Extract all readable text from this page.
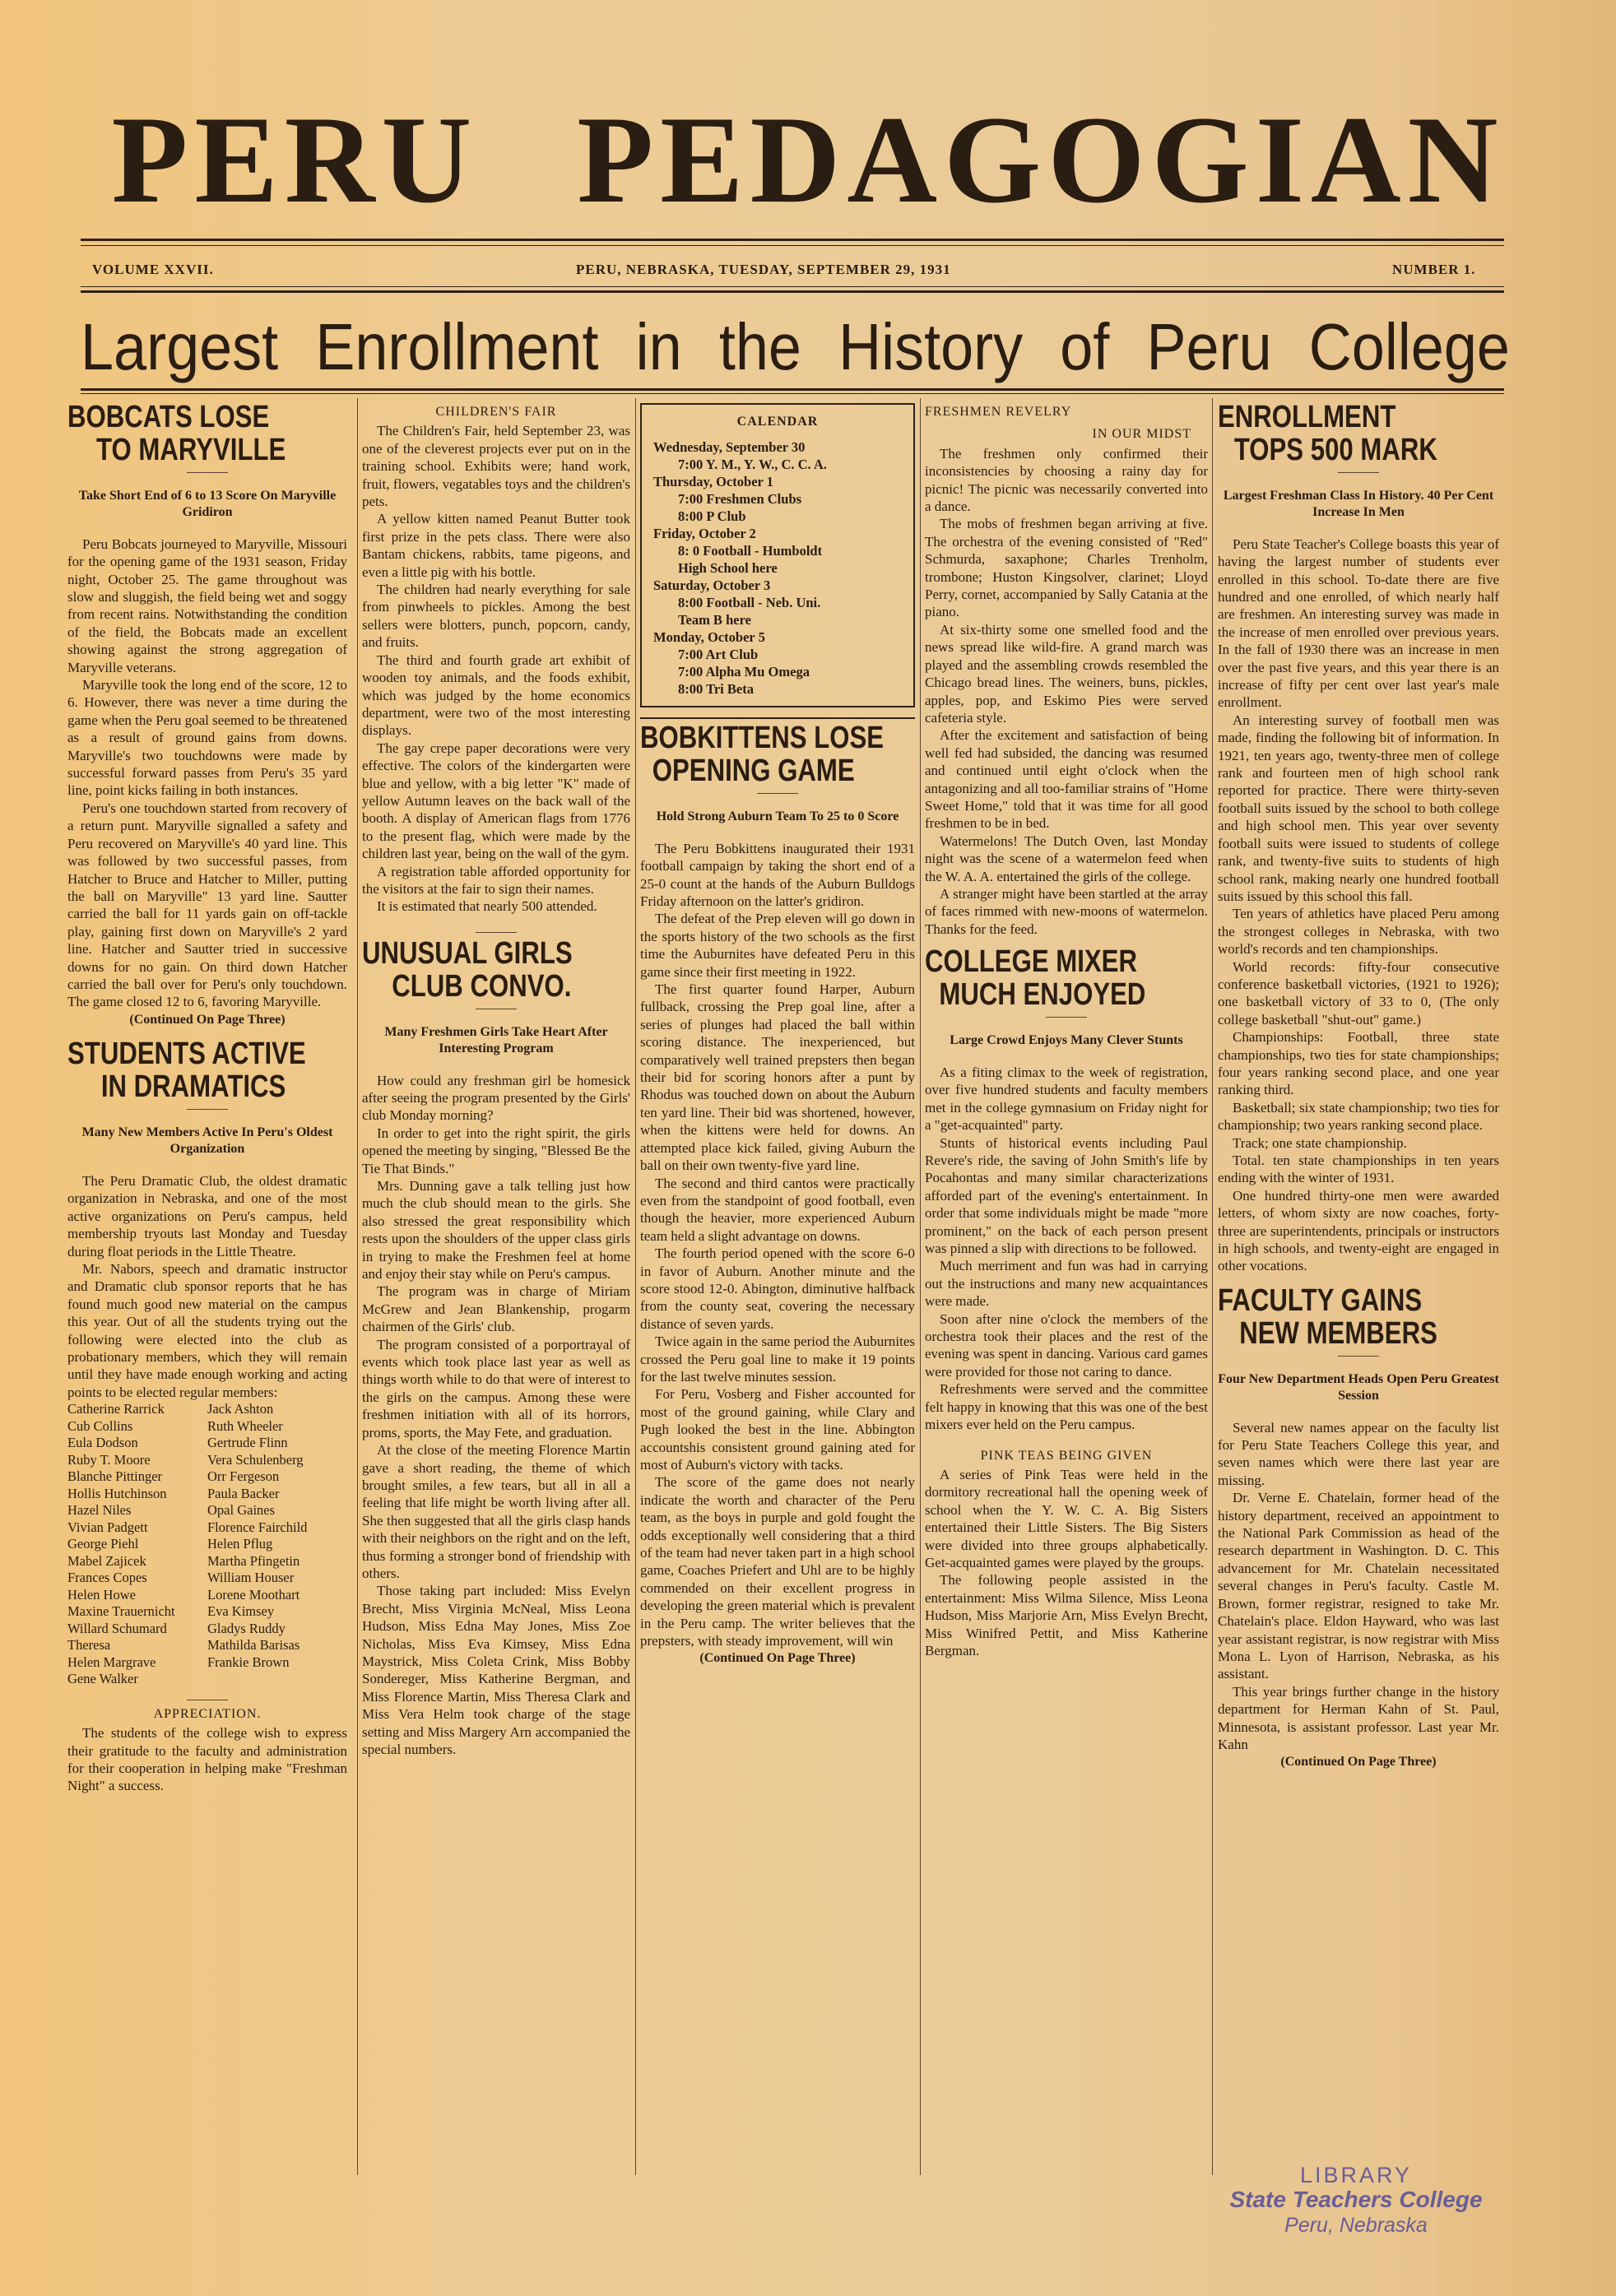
PERU PEDAGOGIAN
VOLUME XXVII.	PERU, NEBRASKA, TUESDAY, SEPTEMBER 29, 1931	NUMBER 1.
Largest Enrollment in the History of Peru College
BOBCATS LOSE
TO MARYVILLE
Take Short End of 6 to 13 Score On Maryville Gridiron

Peru Bobcats journeyed to Maryville, Missouri for the opening game of the 1931 season, Friday night, October 25. The game throughout was slow and sluggish, the field being wet and soggy from recent rains. Notwithstanding the condition of the field, the Bobcats made an excellent showing against the strong aggregation of Maryville veterans.

Maryville took the long end of the score, 12 to 6. However, there was never a time during the game when the Peru goal seemed to be threatened as a result of ground gains from downs. Maryville's two touchdowns were made by successful forward passes from Peru's 35 yard line, point kicks failing in both instances.

Peru's one touchdown started from recovery of a return punt. Maryville signalled a safety and Peru recovered on Maryville's 40 yard line. This was followed by two successful passes, from Hatcher to Bruce and Hatcher to Miller, putting the ball on Maryville" 13 yard line. Sautter carried the ball for 11 yards gain on off-tackle play, gaining first down on Maryville's 2 yard line. Hatcher and Sautter tried in successive downs for no gain. On third down Hatcher carried the ball over for Peru's only touchdown. The game closed 12 to 6, favoring Maryville.

(Continued On Page Three)
STUDENTS ACTIVE
IN DRAMATICS
Many New Members Active In Peru's Oldest Organization

The Peru Dramatic Club, the oldest dramatic organization in Nebraska, and one of the most active organizations on Peru's campus, held membership tryouts last Monday and Tuesday during float periods in the Little Theatre.

Mr. Nabors, speech and dramatic instructor and Dramatic club sponsor reports that he has found much good new material on the campus this year. Out of all the students trying out the following were elected into the club as probationary members, which they will remain until they have made enough working and acting points to be elected regular members:

Catherine Rarrick	Jack Ashton
Cub Collins	Ruth Wheeler
Eula Dodson	Gertrude Flinn
Ruby T. Moore	Vera Schulenberg
Blanche Pittinger	Orr Fergeson
Hollis Hutchinson	Paula Backer
Hazel Niles	Opal Gaines
Vivian Padgett	Florence Fairchild
George Piehl	Helen Pflug
Mabel Zajicek	Martha Pfingetin
Frances Copes	William Houser
Helen Howe	Lorene Moothart
Maxine Trauernicht	Eva Kimsey
Willard Schumard	Gladys Ruddy
Theresa	Mathilda Barisas
Helen Margrave	Frankie Brown
Gene Walker
APPRECIATION.

The students of the college wish to express their gratitude to the faculty and administration for their cooperation in helping make "Freshman Night" a success.

CHILDREN'S FAIR

The Children's Fair, held September 23, was one of the cleverest projects ever put on in the training school. Exhibits were; hand work, fruit, flowers, vegatables toys and the children's pets.

A yellow kitten named Peanut Butter took first prize in the pets class. There were also Bantam chickens, rabbits, tame pigeons, and even a little pig with his bottle.

The children had nearly everything for sale from pinwheels to pickles. Among the best sellers were blotters, punch, popcorn, candy, and fruits.

The third and fourth grade art exhibit of wooden toy animals, and the foods exhibit, which was judged by the home economics department, were two of the most interesting displays.

The gay crepe paper decorations were very effective. The colors of the kindergarten were blue and yellow, with a big letter "K" made of yellow Autumn leaves on the back wall of the booth. A display of American flags from 1776 to the present flag, which were made by the children last year, being on the wall of the gym.

A registration table afforded opportunity for the visitors at the fair to sign their names.

It is estimated that nearly 500 attended.

UNUSUAL GIRLS
CLUB CONVO.
Many Freshmen Girls Take Heart After Interesting Program

How could any freshman girl be homesick after seeing the program presented by the Girls' club Monday morning?

In order to get into the right spirit, the girls opened the meeting by singing, "Blessed Be the Tie That Binds."

Mrs. Dunning gave a talk telling just how much the club should mean to the girls. She also stressed the great responsibility which rests upon the shoulders of the upper class girls in trying to make the Freshmen feel at home and enjoy their stay while on Peru's campus.

The program was in charge of Miriam McGrew and Jean Blankenship, progarm chairmen of the Girls' club.

The program consisted of a porportrayal of events which took place last year as well as things worth while to do that were of interest to the girls on the campus. Among these were freshmen initiation with all of its horrors, proms, sports, the May Fete, and graduation.

At the close of the meeting Florence Martin gave a short reading, the theme of which brought smiles, a few tears, but all in all a feeling that life might be worth living after all. She then suggested that all the girls clasp hands with their neighbors on the right and on the left, thus forming a stronger bond of friendship with others.

Those taking part included: Miss Evelyn Brecht, Miss Virginia McNeal, Miss Leona Hudson, Miss Edna May Jones, Miss Zoe Nicholas, Miss Eva Kimsey, Miss Edna Maystrick, Miss Coleta Crink, Miss Bobby Sondereger, Miss Katherine Bergman, and Miss Florence Martin, Miss Theresa Clark and Miss Vera Helm took charge of the stage setting and Miss Margery Arn accompanied the special numbers.

CALENDAR
Wednesday, September 30
7:00 Y. M., Y. W., C. C. A.
Thursday, October 1
7:00 Freshmen Clubs
8:00 P Club
Friday, October 2
8: 0 Football - Humboldt
High School here
Saturday, October 3
8:00 Football - Neb. Uni.
Team B here
Monday, October 5
7:00 Art Club
7:00 Alpha Mu Omega
8:00 Tri Beta
BOBKITTENS LOSE
OPENING GAME
Hold Strong Auburn Team To 25 to 0 Score

The Peru Bobkittens inaugurated their 1931 football campaign by taking the short end of a 25-0 count at the hands of the Auburn Bulldogs Friday afternoon on the latter's gridiron.

The defeat of the Prep eleven will go down in the sports history of the two schools as the first time the Auburnites have defeated Peru in this game since their first meeting in 1922.

The first quarter found Harper, Auburn fullback, crossing the Prep goal line, after a series of plunges had placed the ball within scoring distance. The inexperienced, but comparatively well trained prepsters then began their bid for scoring honors after a punt by Rhodus was touched down on about the Auburn ten yard line. Their bid was shortened, however, when the kittens were held for downs. An attempted place kick failed, giving Auburn the ball on their own twenty-five yard line.

The second and third cantos were practically even from the standpoint of good football, even though the heavier, more experienced Auburn team held a slight advantage on downs.

The fourth period opened with the score 6-0 in favor of Auburn. Another minute and the score stood 12-0. Abington, diminutive halfback from the county seat, covering the necessary distance of seven yards.

Twice again in the same period the Auburnites crossed the Peru goal line to make it 19 points for the last twelve minutes session.

For Peru, Vosberg and Fisher accounted for most of the ground gaining, while Clary and Pugh looked the best in the line. Abbington accountshis consistent ground gaining ated for most of Auburn's victory with tacks.

The score of the game does not nearly indicate the worth and character of the Peru team, as the boys in purple and gold fought the odds exceptionally well considering that a third of the team had never taken part in a high school game, Coaches Priefert and Uhl are to be highly commended on their excellent progress in developing the green material which is prevalent in the Peru camp. The writer believes that the prepsters, with steady improvement, will win

(Continued On Page Three)
FRESHMEN REVELRY
IN OUR MIDST

The freshmen only confirmed their inconsistencies by choosing a rainy day for picnic! The picnic was necessarily converted into a dance.

The mobs of freshmen began arriving at five. The orchestra of the evening consisted of "Red" Schmurda, saxaphone; Charles Trenholm, trombone; Huston Kingsolver, clarinet; Lloyd Perry, cornet, accompanied by Sally Catania at the piano.

At six-thirty some one smelled food and the news spread like wild-fire. A grand march was played and the assembling crowds resembled the Chicago bread lines. The weiners, buns, pickles, apples, pop, and Eskimo Pies were served cafeteria style.

After the excitement and satisfaction of being well fed had subsided, the dancing was resumed and continued until eight o'clock when the antagonizing and all too-familiar strains of "Home Sweet Home," told that it was time for all good freshmen to be in bed.

Watermelons! The Dutch Oven, last Monday night was the scene of a watermelon feed when the W. A. A. entertained the girls of the college.

A stranger might have been startled at the array of faces rimmed with new-moons of watermelon. Thanks for the feed.

COLLEGE MIXER
MUCH ENJOYED
Large Crowd Enjoys Many Clever Stunts

As a fiting climax to the week of registration, over five hundred students and faculty members met in the college gymnasium on Friday night for a "get-acquainted" party.

Stunts of historical events including Paul Revere's ride, the saving of John Smith's life by Pocahontas and many similar characterizations afforded part of the evening's entertainment. In order that some individuals might be made "more prominent," on the back of each person present was pinned a slip with directions to be followed.

Much merriment and fun was had in carrying out the instructions and many new acquaintances were made.

Soon after nine o'clock the members of the orchestra took their places and the rest of the evening was spent in dancing. Various card games were provided for those not caring to dance.

Refreshments were served and the committee felt happy in knowing that this was one of the best mixers ever held on the Peru campus.

PINK TEAS BEING GIVEN

A series of Pink Teas were held in the dormitory recreational hall the opening week of school when the Y. W. C. A. Big Sisters entertained their Little Sisters. The Big Sisters were divided into three groups alphabetically. Get-acquainted games were played by the groups.

The following people assisted in the entertainment: Miss Wilma Silence, Miss Leona Hudson, Miss Marjorie Arn, Miss Evelyn Brecht, Miss Winifred Pettit, and Miss Katherine Bergman.

ENROLLMENT
TOPS 500 MARK
Largest Freshman Class In History. 40 Per Cent Increase In Men

Peru State Teacher's College boasts this year of having the largest number of students ever enrolled in this school. To-date there are five hundred and one enrolled, of which nearly half are freshmen. An interesting survey was made in the increase of men enrolled over previous years. In the fall of 1930 there was an increase in men over the past five years, and this year there is an increase of fifty per cent over last year's male enrollment.

An interesting survey of football men was made, finding the following bit of information. In 1921, ten years ago, twenty-three men of college rank and fourteen men of high school rank reported for practice. There were thirty-seven football suits issued by the school to both college and high school men. This year over seventy football suits were issued to students of college rank, and twenty-five suits to students of high school rank, making nearly one hundred football suits issued by this school this fall.

Ten years of athletics have placed Peru among the strongest colleges in Nebraska, with two world's records and ten championships.

World records: fifty-four consecutive conference basketball victories, (1921 to 1926); one basketball victory of 33 to 0, (The only college basketball "shut-out" game.)

Championships: Football, three state championships, two ties for state championships; four years ranking second place, and one year ranking third.

Basketball; six state championship; two ties for championship; two years ranking second place.

Track; one state championship.

Total. ten state championships in ten years ending with the winter of 1931.

One hundred thirty-one men were awarded letters, of whom sixty are now coaches, forty-three are superintendents, principals or instructors in high schools, and twenty-eight are engaged in other vocations.

FACULTY GAINS
NEW MEMBERS
Four New Department Heads Open Peru Greatest Session

Several new names appear on the faculty list for Peru State Teachers College this year, and seven names which were there last year are missing.

Dr. Verne E. Chatelain, former head of the history department, received an appointment to the National Park Commission as head of the research department in Washington. D. C. This advancement for Mr. Chatelain necessitated several changes in Peru's faculty. Castle M. Brown, former registrar, resigned to take Mr. Chatelain's place. Eldon Hayward, who was last year assistant registrar, is now registrar with Miss Mona L. Lyon of Harrison, Nebraska, as his assistant.

This year brings further change in the history department for Herman Kahn of St. Paul, Minnesota, is assistant professor. Last year Mr. Kahn

(Continued On Page Three)
LIBRARY
State Teachers College
Peru, Nebraska
